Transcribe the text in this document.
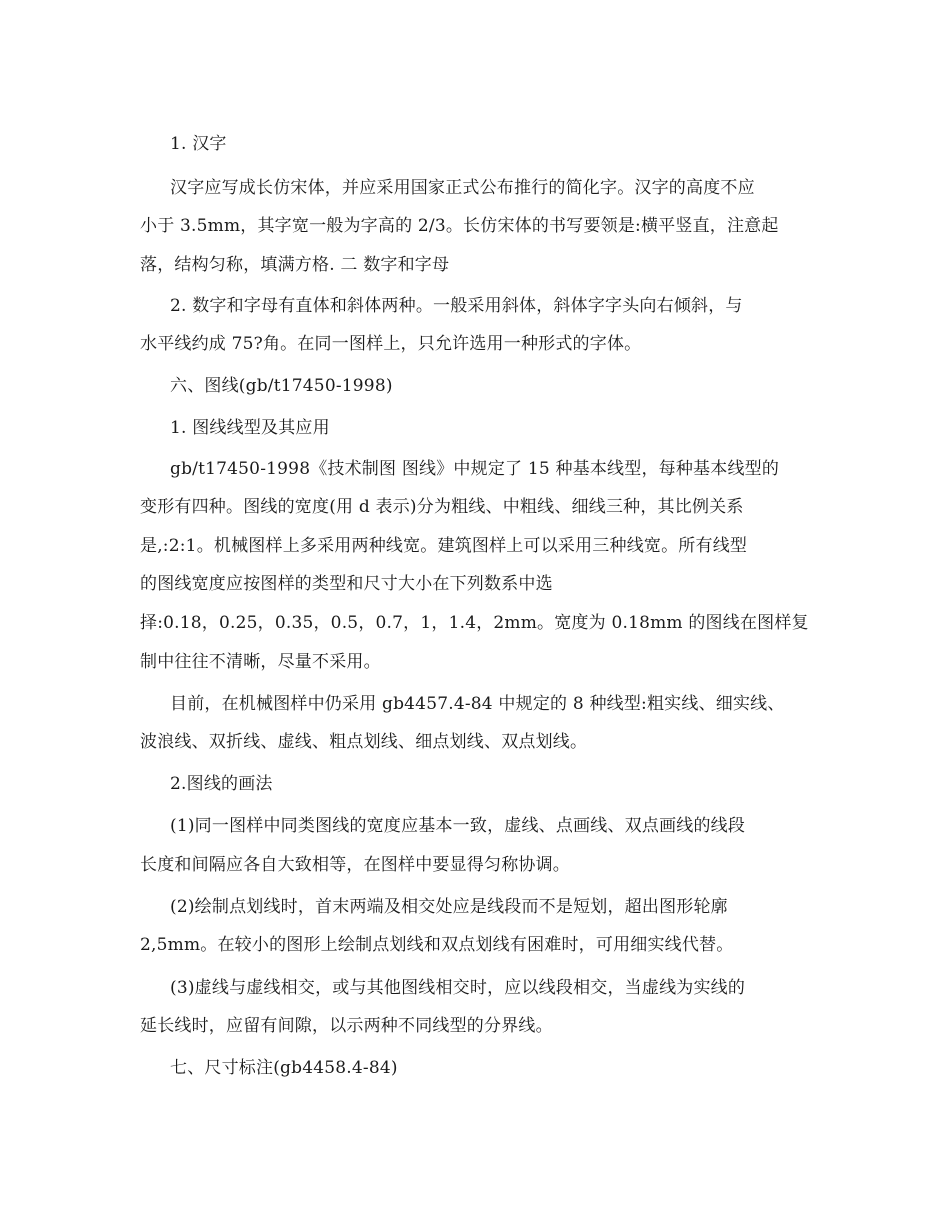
1. 汉字

汉字应写成长仿宋体，并应采用国家正式公布推行的简化字。汉字的高度不应

小于 3.5mm，其字宽一般为字高的 2/3。长仿宋体的书写要领是:横平竖直，注意起

落，结构匀称，填满方格. 二 数字和字母

2. 数字和字母有直体和斜体两种。一般采用斜体，斜体字字头向右倾斜，与

水平线约成 75?角。在同一图样上，只允许选用一种形式的字体。

六、图线(gb/t17450-1998)

1. 图线线型及其应用

gb/t17450-1998《技术制图 图线》中规定了 15 种基本线型，每种基本线型的

变形有四种。图线的宽度(用 d 表示)分为粗线、中粗线、细线三种，其比例关系

是,:2:1。机械图样上多采用两种线宽。建筑图样上可以采用三种线宽。所有线型

的图线宽度应按图样的类型和尺寸大小在下列数系中选

择:0.18，0.25，0.35，0.5，0.7，1，1.4，2mm。宽度为 0.18mm 的图线在图样复

制中往往不清晰，尽量不采用。

目前，在机械图样中仍采用 gb4457.4-84 中规定的 8 种线型:粗实线、细实线、

波浪线、双折线、虚线、粗点划线、细点划线、双点划线。

2.图线的画法

(1)同一图样中同类图线的宽度应基本一致，虚线、点画线、双点画线的线段

长度和间隔应各自大致相等，在图样中要显得匀称协调。

(2)绘制点划线时，首末两端及相交处应是线段而不是短划，超出图形轮廓

2,5mm。在较小的图形上绘制点划线和双点划线有困难时，可用细实线代替。

(3)虚线与虚线相交，或与其他图线相交时，应以线段相交，当虚线为实线的

延长线时，应留有间隙，以示两种不同线型的分界线。

七、尺寸标注(gb4458.4-84)
